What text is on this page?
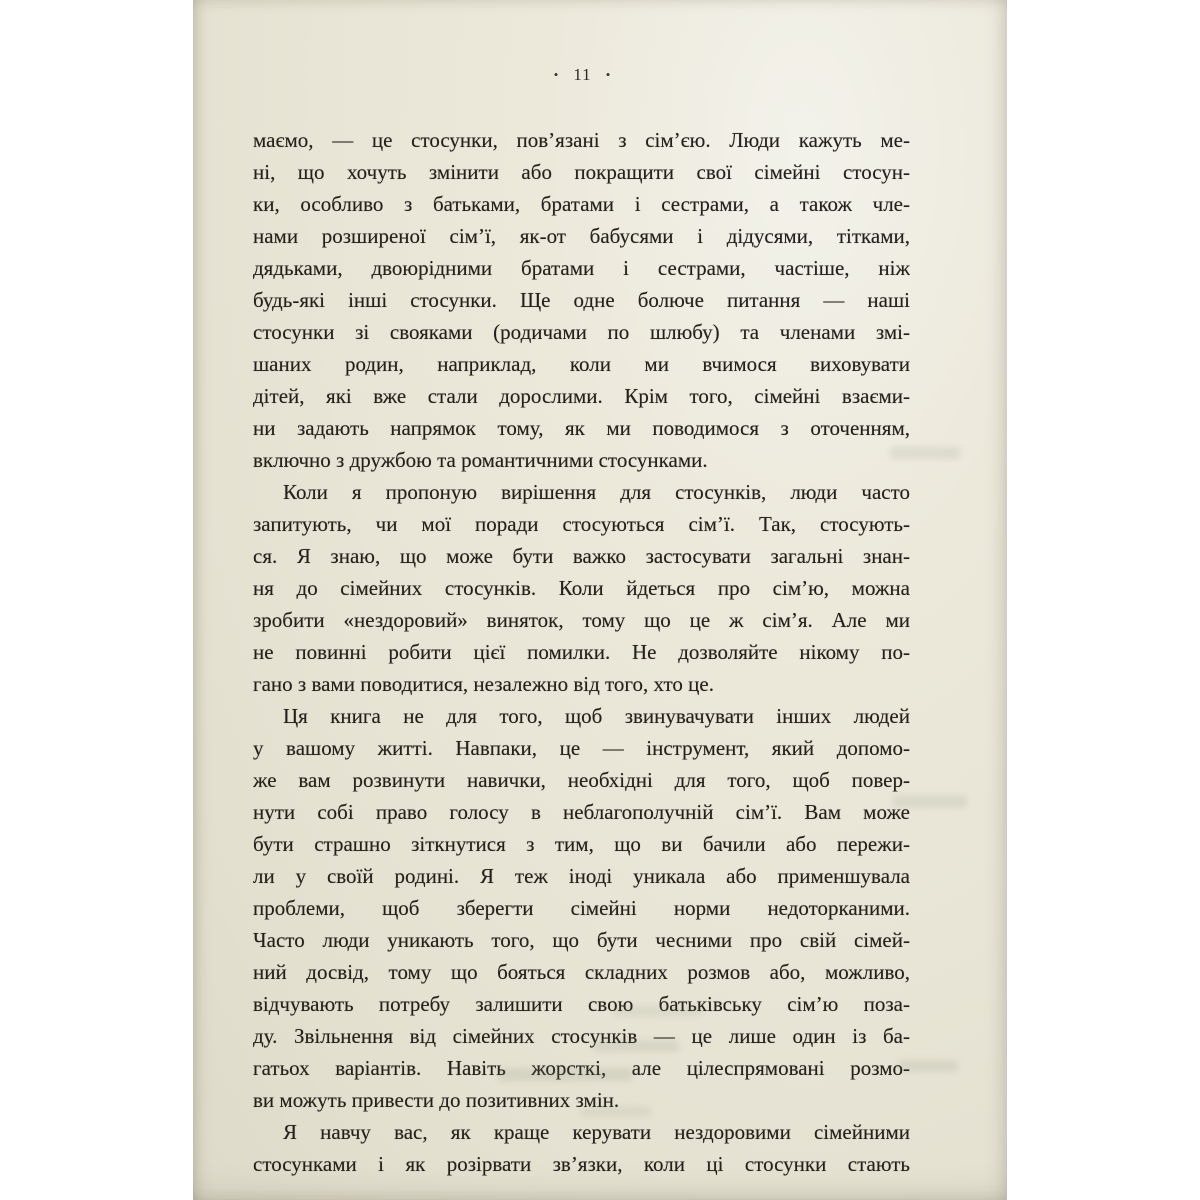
• 11 •
маємо, — це стосунки, пов’язані з сім’єю. Люди кажуть ме-
ні, що хочуть змінити або покращити свої сімейні стосун-
ки, особливо з батьками, братами і сестрами, а також чле-
нами розширеної сім’ї, як-от бабусями і дідусями, тітками,
дядьками, двоюрідними братами і сестрами, частіше, ніж
будь-які інші стосунки. Ще одне болюче питання — наші
стосунки зі свояками (родичами по шлюбу) та членами змі-
шаних родин, наприклад, коли ми вчимося виховувати
дітей, які вже стали дорослими. Крім того, сімейні взаєми-
ни задають напрямок тому, як ми поводимося з оточенням,
включно з дружбою та романтичними стосунками.
Коли я пропоную вирішення для стосунків, люди часто
запитують, чи мої поради стосуються сім’ї. Так, стосують-
ся. Я знаю, що може бути важко застосувати загальні знан-
ня до сімейних стосунків. Коли йдеться про сім’ю, можна
зробити «нездоровий» виняток, тому що це ж сім’я. Але ми
не повинні робити цієї помилки. Не дозволяйте нікому по-
гано з вами поводитися, незалежно від того, хто це.
Ця книга не для того, щоб звинувачувати інших людей
у вашому житті. Навпаки, це — інструмент, який допомо-
же вам розвинути навички, необхідні для того, щоб повер-
нути собі право голосу в неблагополучній сім’ї. Вам може
бути страшно зіткнутися з тим, що ви бачили або пережи-
ли у своїй родині. Я теж іноді уникала або применшувала
проблеми, щоб зберегти сімейні норми недоторканими.
Часто люди уникають того, що бути чесними про свій сімей-
ний досвід, тому що бояться складних розмов або, можливо,
відчувають потребу залишити свою батьківську сім’ю поза-
ду. Звільнення від сімейних стосунків — це лише один із ба-
гатьох варіантів. Навіть жорсткі, але цілеспрямовані розмо-
ви можуть привести до позитивних змін.
Я навчу вас, як краще керувати нездоровими сімейними
стосунками і як розірвати зв’язки, коли ці стосунки стають
